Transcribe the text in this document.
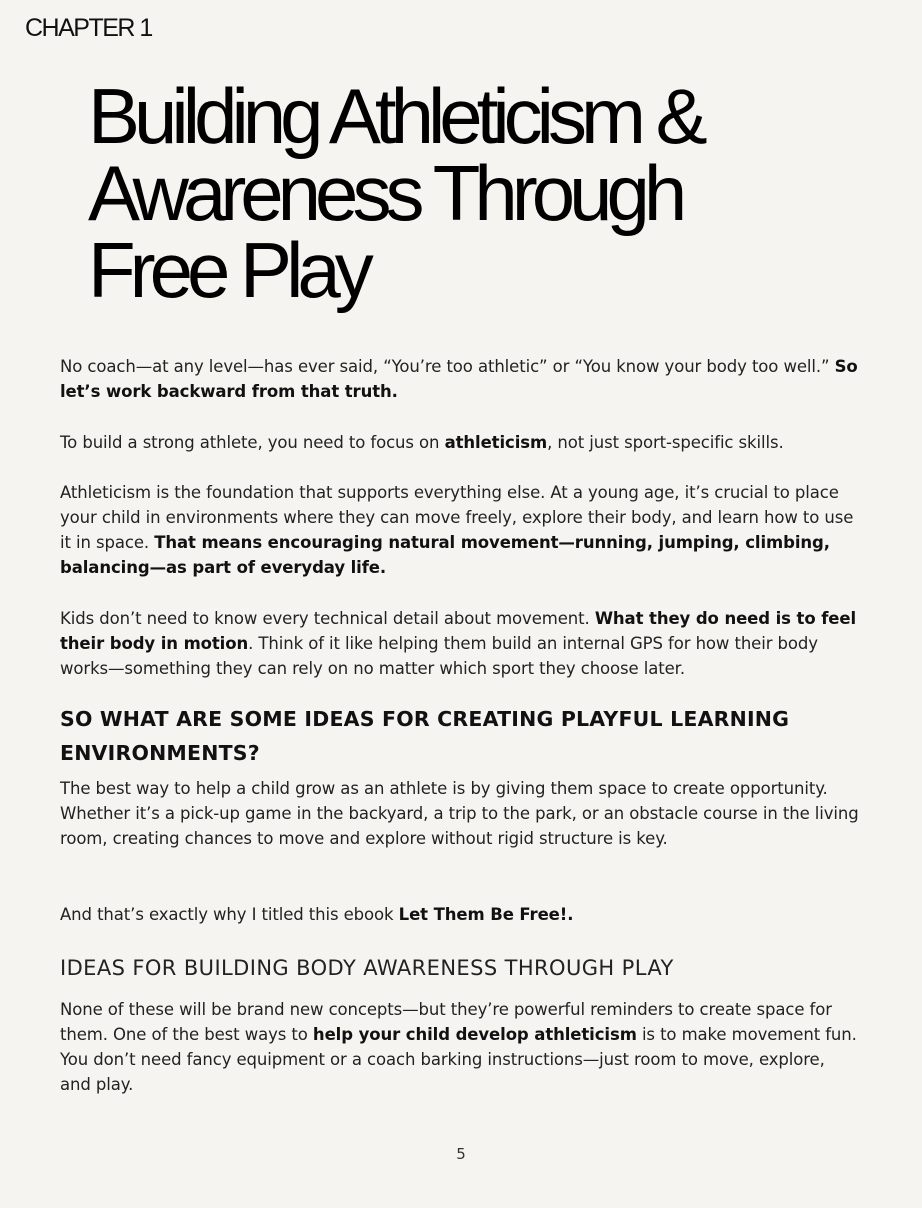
CHAPTER 1
Building Athleticism &
Awareness Through
Free Play

No coach—at any level—has ever said, “You’re too athletic” or “You know your body too well.” So let’s work backward from that truth.

To build a strong athlete, you need to focus on athleticism, not just sport-specific skills.

Athleticism is the foundation that supports everything else. At a young age, it’s crucial to place your child in environments where they can move freely, explore their body, and learn how to use it in space. That means encouraging natural movement—running, jumping, climbing, balancing—as part of everyday life.

Kids don’t need to know every technical detail about movement. What they do need is to feel their body in motion. Think of it like helping them build an internal GPS for how their body works—something they can rely on no matter which sport they choose later.

SO WHAT ARE SOME IDEAS FOR CREATING PLAYFUL LEARNING ENVIRONMENTS?

The best way to help a child grow as an athlete is by giving them space to create opportunity. Whether it’s a pick-up game in the backyard, a trip to the park, or an obstacle course in the living room, creating chances to move and explore without rigid structure is key.

And that’s exactly why I titled this ebook Let Them Be Free!.

IDEAS FOR BUILDING BODY AWARENESS THROUGH PLAY

None of these will be brand new concepts—but they’re powerful reminders to create space for them. One of the best ways to help your child develop athleticism is to make movement fun. You don’t need fancy equipment or a coach barking instructions—just room to move, explore, and play.

5
